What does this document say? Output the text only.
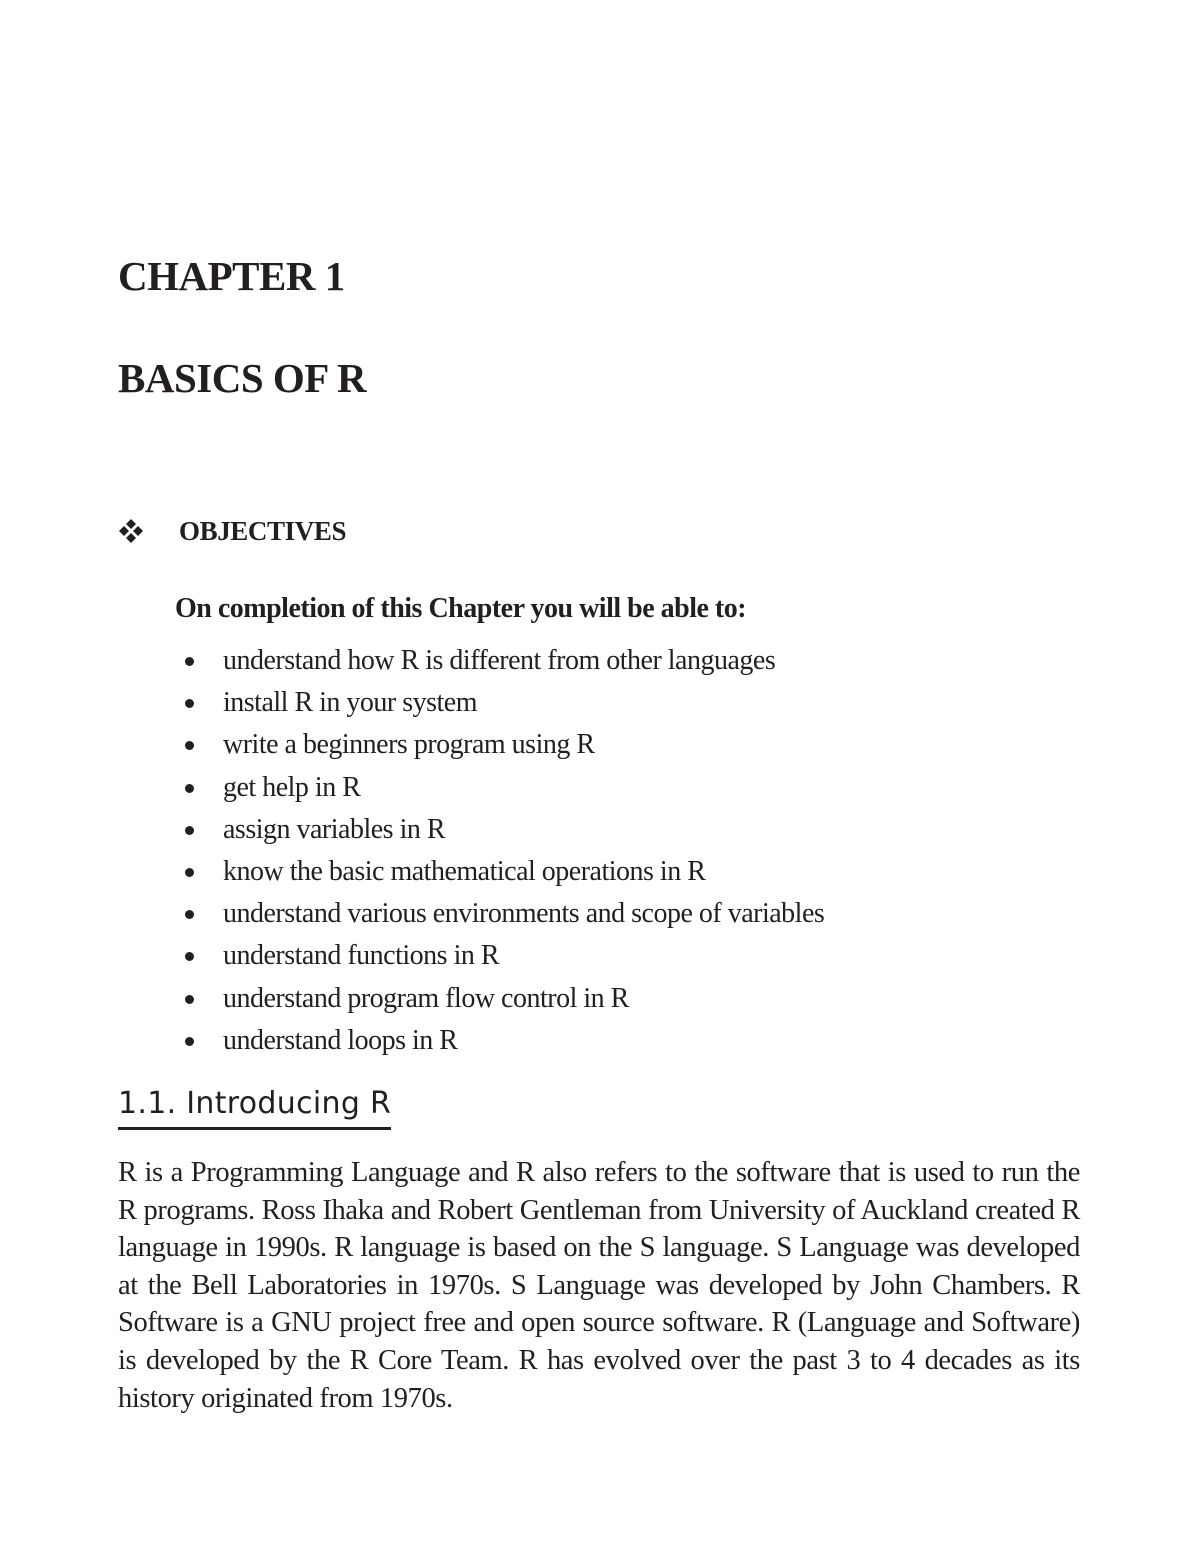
CHAPTER 1
BASICS OF R
OBJECTIVES
On completion of this Chapter you will be able to:
understand how R is different from other languages
install R in your system
write a beginners program using R
get help in R
assign variables in R
know the basic mathematical operations in R
understand various environments and scope of variables
understand functions in R
understand program flow control in R
understand loops in R
1.1. Introducing R

R is a Programming Language and R also refers to the software that is used to run the R programs. Ross Ihaka and Robert Gentleman from University of Auckland created R language in 1990s. R language is based on the S language. S Language was developed at the Bell Laboratories in 1970s. S Language was developed by John Chambers. R Software is a GNU project free and open source software. R (Language and Software) is developed by the R Core Team. R has evolved over the past 3 to 4 decades as its history originated from 1970s.
